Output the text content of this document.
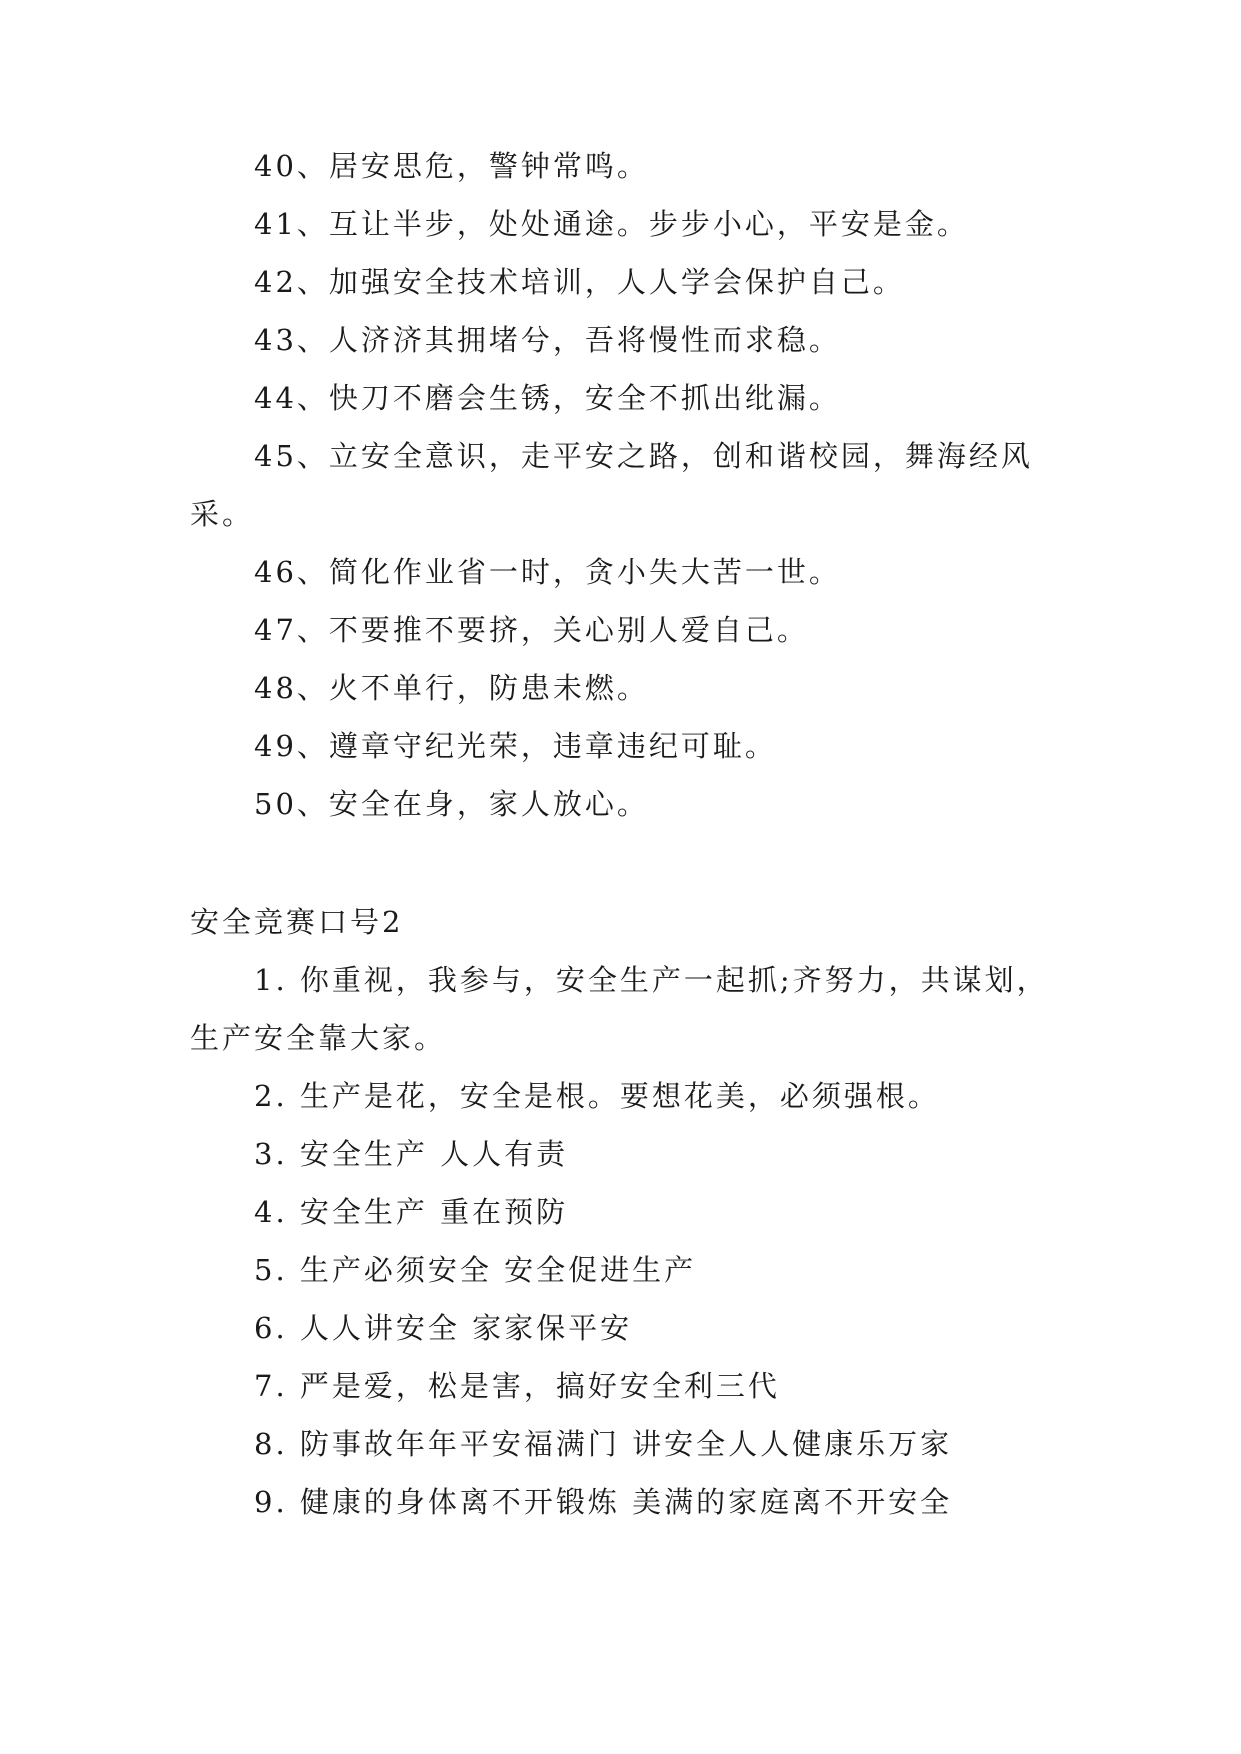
40、居安思危，警钟常鸣。
41、互让半步，处处通途。步步小心，平安是金。
42、加强安全技术培训，人人学会保护自己。
43、人济济其拥堵兮，吾将慢性而求稳。
44、快刀不磨会生锈，安全不抓出纰漏。
45、立安全意识，走平安之路，创和谐校园，舞海经风
采。
46、简化作业省一时，贪小失大苦一世。
47、不要推不要挤，关心别人爱自己。
48、火不单行，防患未燃。
49、遵章守纪光荣，违章违纪可耻。
50、安全在身，家人放心。
安全竞赛口号2
1. 你重视，我参与，安全生产一起抓;齐努力，共谋划，
生产安全靠大家。
2. 生产是花，安全是根。要想花美，必须强根。
3. 安全生产 人人有责
4. 安全生产 重在预防
5. 生产必须安全 安全促进生产
6. 人人讲安全 家家保平安
7. 严是爱，松是害，搞好安全利三代
8. 防事故年年平安福满门 讲安全人人健康乐万家
9. 健康的身体离不开锻炼 美满的家庭离不开安全
